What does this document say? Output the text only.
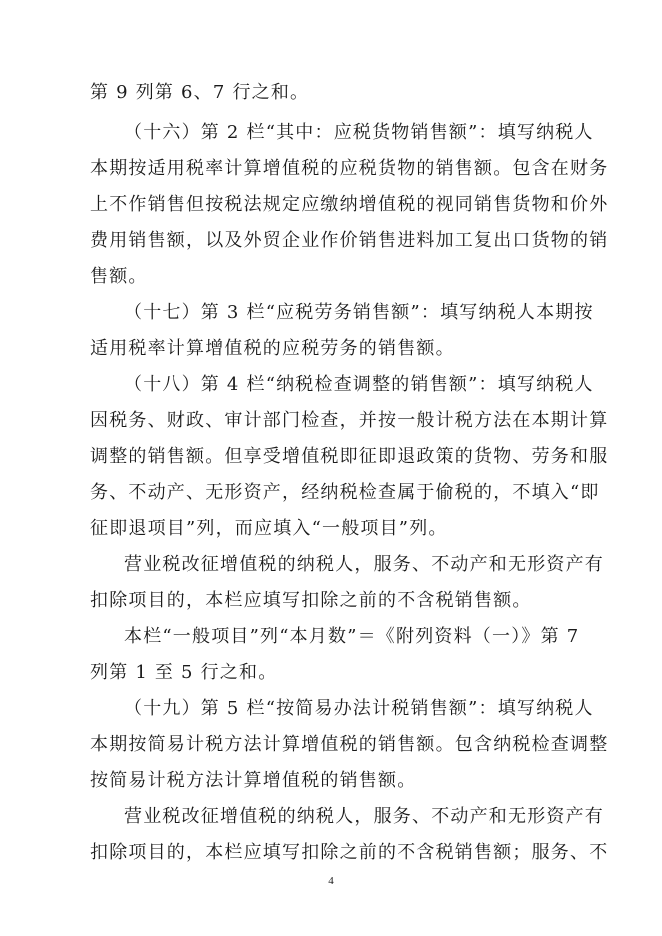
第 9 列第 6、7 行之和。
（十六）第 2 栏“其中：应税货物销售额”：填写纳税人
本期按适用税率计算增值税的应税货物的销售额。包含在财务
上不作销售但按税法规定应缴纳增值税的视同销售货物和价外
费用销售额，以及外贸企业作价销售进料加工复出口货物的销
售额。
（十七）第 3 栏“应税劳务销售额”：填写纳税人本期按
适用税率计算增值税的应税劳务的销售额。
（十八）第 4 栏“纳税检查调整的销售额”：填写纳税人
因税务、财政、审计部门检查，并按一般计税方法在本期计算
调整的销售额。但享受增值税即征即退政策的货物、劳务和服
务、不动产、无形资产，经纳税检查属于偷税的，不填入“即
征即退项目”列，而应填入“一般项目”列。
营业税改征增值税的纳税人，服务、不动产和无形资产有
扣除项目的，本栏应填写扣除之前的不含税销售额。
本栏“一般项目”列“本月数”＝《附列资料（一）》第 7
列第 1 至 5 行之和。
（十九）第 5 栏“按简易办法计税销售额”：填写纳税人
本期按简易计税方法计算增值税的销售额。包含纳税检查调整
按简易计税方法计算增值税的销售额。
营业税改征增值税的纳税人，服务、不动产和无形资产有
扣除项目的，本栏应填写扣除之前的不含税销售额；服务、不
4
